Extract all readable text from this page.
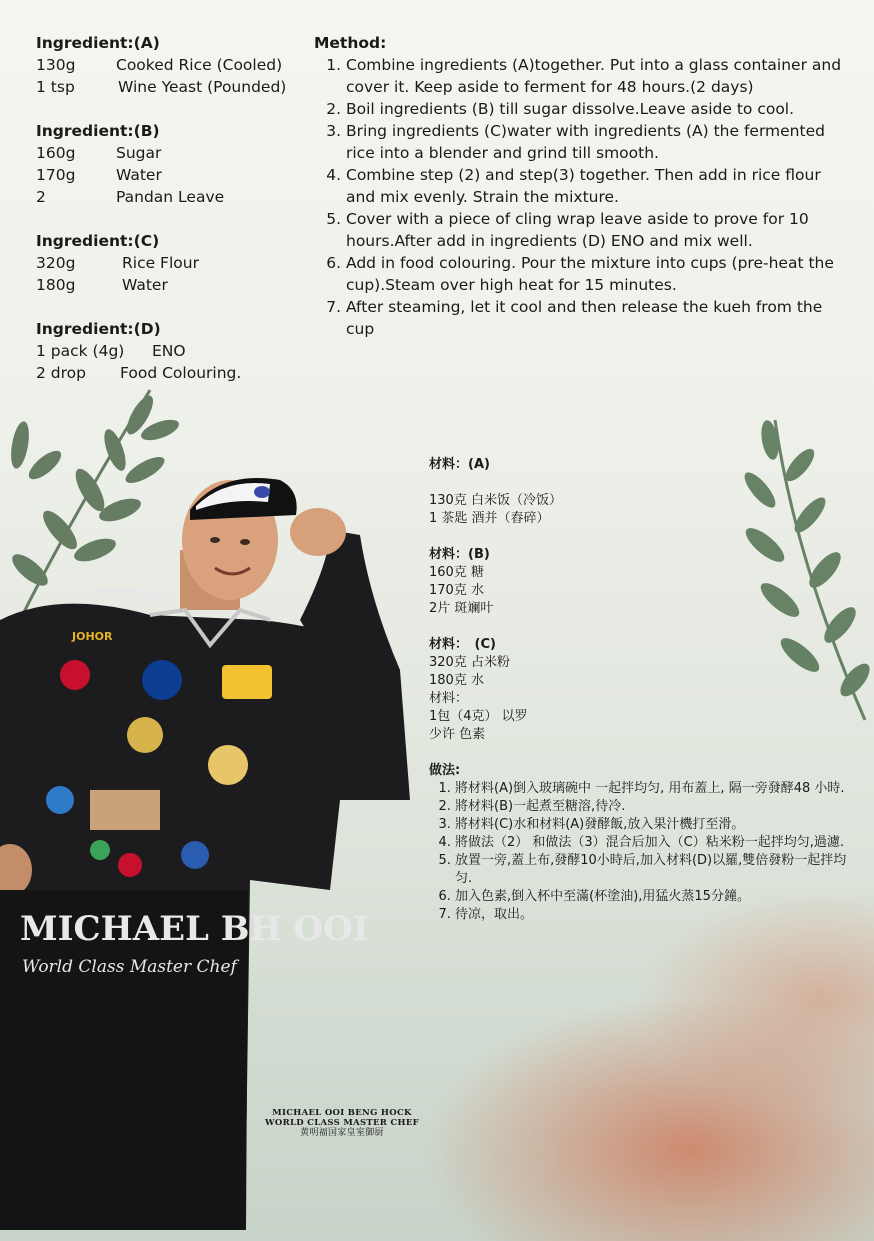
MICHAEL BH OOI
World Class Master Chef
JOHOR
Ingredient:(A)
130g	Cooked Rice (Cooled)
1 tsp	Wine Yeast (Pounded)
Ingredient:(B)
160g	Sugar
170g	Water
2	Pandan Leave
Ingredient:(C)
320g	Rice Flour
180g	Water
Ingredient:(D)
1 pack (4g)	ENO
2 drop	Food Colouring.
Method:
1. Combine ingredients (A)together. Put into a glass container and cover it. Keep aside to ferment for 48 hours.(2 days)
2. Boil ingredients (B) till sugar dissolve.Leave aside to cool.
3. Bring ingredients (C)water with ingredients (A) the fermented rice into a blender and grind till smooth.
4. Combine step (2) and step(3) together. Then add in rice flour and mix evenly. Strain the mixture.
5. Cover with a piece of cling wrap leave aside to prove for 10 hours.After add in ingredients (D) ENO and mix well.
6. Add in food colouring. Pour the mixture into cups (pre-heat the cup).Steam over high heat for 15 minutes.
7. After steaming, let it cool and then release the kueh from the cup
材料：(A)
130克 白米饭（冷饭）
1 茶匙 酒并（舂碎）
材料：(B)
160克 糖
170克 水
2片 斑斓叶
材料：　(C)
320克 占米粉
180克 水
材料：
1包（4克） 以罗
少许 色素
做法:
1. 將材料(A)倒入玻璃碗中 一起拌均匀, 用布蓋上, 隔一旁發酵48 小時.
2. 將材料(B)一起煮至糖溶,待冷.
3. 將材料(C)水和材料(A)發酵飯,放入果汁機打至滑。
4. 將做法（2） 和做法（3）混合后加入（C）粘米粉一起拌均匀,過濾.
5. 放置一旁,蓋上布,發酵10小時后,加入材料(D)以羅,雙倍發粉一起拌均匀.
6. 加入色素,倒入杯中至滿(杯塗油),用猛火蒸15分鐘。
7. 待凉，取出。
MICHAEL OOI BENG HOCK
WORLD CLASS MASTER CHEF
黄明福国家皇室御厨
